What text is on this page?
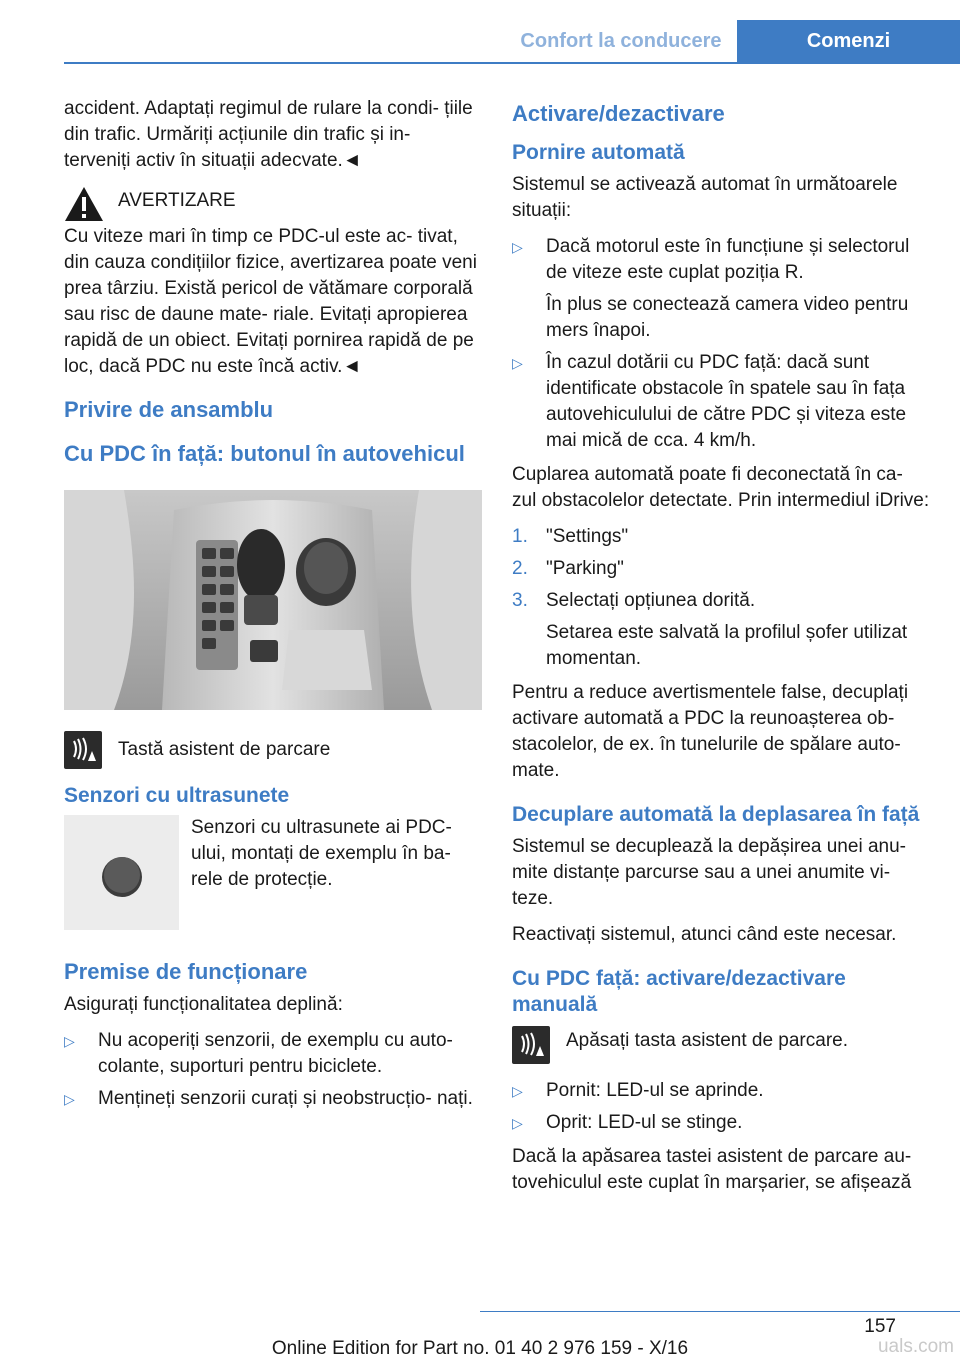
Confort la conducere	Comenzi

accident. Adaptați regimul de rulare la condi‐ țiile din trafic. Urmăriți acțiunile din trafic și in‐ terveniți activ în situații adecvate.◄

AVERTIZARE

Cu viteze mari în timp ce PDC-ul este ac‐ tivat, din cauza condițiilor fizice, avertizarea poate veni prea târziu. Există pericol de vătămare corporală sau risc de daune mate‐ riale. Evitați apropierea rapidă de un obiect. Evitați pornirea rapidă de pe loc, dacă PDC nu este încă activ.◄

Privire de ansamblu
Cu PDC în față: butonul în autovehicul
Tastă asistent de parcare
Senzori cu ultrasunete
Senzori cu ultrasunete ai PDC-ului, montați de exemplu în ba‐ rele de protecție.
Premise de funcționare

Asigurați funcționalitatea deplină:

▷ Nu acoperiți senzorii, de exemplu cu auto‐ colante, suporturi pentru biciclete.
▷ Mențineți senzorii curați și neobstrucțio‐ nați.
Activare/dezactivare
Pornire automată

Sistemul se activează automat în următoarele situații:

▷ Dacă motorul este în funcțiune și selectorul de viteze este cuplat poziția R.
În plus se conectează camera video pentru mers înapoi.
▷ În cazul dotării cu PDC față: dacă sunt identificate obstacole în spatele sau în fața autovehiculului de către PDC și viteza este mai mică de cca. 4 km/h.

Cuplarea automată poate fi deconectată în ca‐ zul obstacolelor detectate. Prin intermediul iDrive:

1. "Settings"
2. "Parking"
3. Selectați opțiunea dorită.
Setarea este salvată la profilul șofer utilizat momentan.

Pentru a reduce avertismentele false, decuplați activare automată a PDC la reunoașterea ob‐ stacolelor, de ex. în tunelurile de spălare auto‐ mate.

Decuplare automată la deplasarea în față

Sistemul se decuplează la depășirea unei anu‐ mite distanțe parcurse sau a unei anumite vi‐ teze.

Reactivați sistemul, atunci când este necesar.

Cu PDC față: activare/dezactivare manuală
Apăsați tasta asistent de parcare.
▷ Pornit: LED-ul se aprinde.
▷ Oprit: LED-ul se stinge.

Dacă la apăsarea tastei asistent de parcare au‐ tovehiculul este cuplat în marșarier, se afișează

157
Online Edition for Part no. 01 40 2 976 159 - X/16	uals.com
